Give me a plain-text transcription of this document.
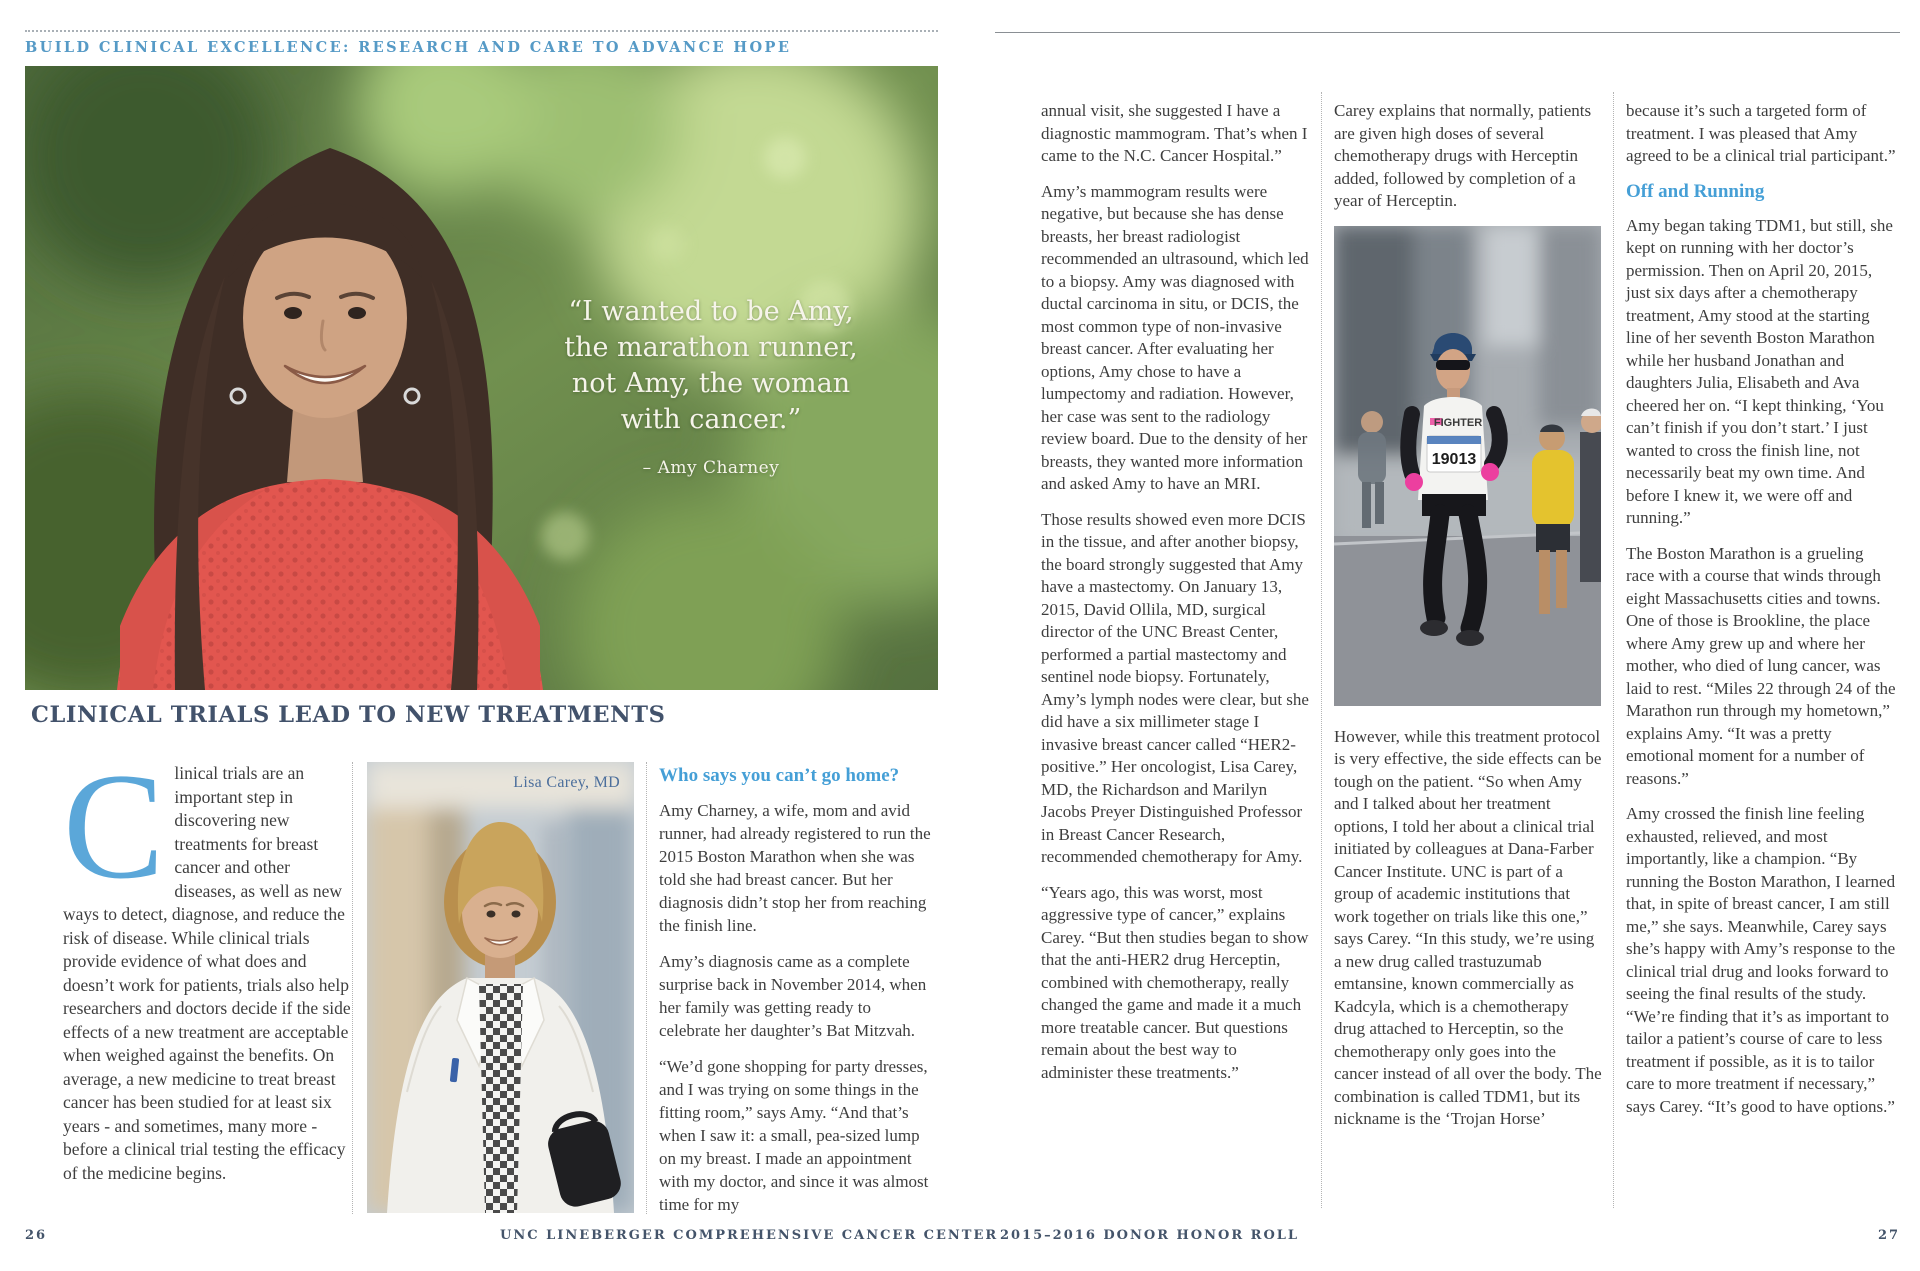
BUILD CLINICAL EXCELLENCE: RESEARCH AND CARE TO ADVANCE HOPE
“I wanted to be Amy,
the marathon runner,
not Amy, the woman
with cancer.”
– Amy Charney
CLINICAL TRIALS LEAD TO NEW TREATMENTS

Clinical trials are an important step in discovering new treatments for breast cancer and other diseases, as well as new ways to detect, diagnose, and reduce the risk of disease. While clinical trials provide evidence of what does and doesn’t work for patients, trials also help researchers and doctors decide if the side effects of a new treatment are acceptable when weighed against the benefits. On average, a new medicine to treat breast cancer has been studied for at least six years - and sometimes, many more - before a clinical trial testing the efficacy of the medicine begins.

Lisa Carey, MD Who says you can’t go home?

Amy Charney, a wife, mom and avid runner, had already registered to run the 2015 Boston Marathon when she was told she had breast cancer. But her diagnosis didn’t stop her from reaching the finish line.

Amy’s diagnosis came as a complete surprise back in November 2014, when her family was getting ready to celebrate her daughter’s Bat Mitzvah.

“We’d gone shopping for party dresses, and I was trying on some things in the fitting room,” says Amy. “And that’s when I saw it: a small, pea-sized lump on my breast. I made an appointment with my doctor, and since it was almost time for my

annual visit, she suggested I have a diagnostic mammogram. That’s when I came to the N.C. Cancer Hospital.”

Amy’s mammogram results were negative, but because she has dense breasts, her breast radiologist recommended an ultrasound, which led to a biopsy. Amy was diagnosed with ductal carcinoma in situ, or DCIS, the most common type of non-invasive breast cancer. After evaluating her options, Amy chose to have a lumpectomy and radiation. However, her case was sent to the radiology review board. Due to the density of her breasts, they wanted more information and asked Amy to have an MRI.

Those results showed even more DCIS in the tissue, and after another biopsy, the board strongly suggested that Amy have a mastectomy. On January 13, 2015, David Ollila, MD, surgical director of the UNC Breast Center, performed a partial mastectomy and sentinel node biopsy. Fortunately, Amy’s lymph nodes were clear, but she did have a six millimeter stage I invasive breast cancer called “HER2-positive.” Her oncologist, Lisa Carey, MD, the Richardson and Marilyn Jacobs Preyer Distinguished Professor in Breast Cancer Research, recommended chemotherapy for Amy.

“Years ago, this was worst, most aggressive type of cancer,” explains Carey. “But then studies began to show that the anti-HER2 drug Herceptin, combined with chemotherapy, really changed the game and made it a much more treatable cancer. But questions remain about the best way to administer these treatments.”

Carey explains that normally, patients are given high doses of several chemotherapy drugs with Herceptin added, followed by completion of a year of Herceptin.

FIGHTER
19013

However, while this treatment protocol is very effective, the side effects can be tough on the patient. “So when Amy and I talked about her treatment options, I told her about a clinical trial initiated by colleagues at Dana-Farber Cancer Institute. UNC is part of a group of academic institutions that work together on trials like this one,” says Carey. “In this study, we’re using a new drug called trastuzumab emtansine, known commercially as Kadcyla, which is a chemotherapy drug attached to Herceptin, so the chemotherapy only goes into the cancer instead of all over the body. The combination is called TDM1, but its nickname is the ‘Trojan Horse’

because it’s such a targeted form of treatment. I was pleased that Amy agreed to be a clinical trial participant.”

Off and Running

Amy began taking TDM1, but still, she kept on running with her doctor’s permission. Then on April 20, 2015, just six days after a chemotherapy treatment, Amy stood at the starting line of her seventh Boston Marathon while her husband Jonathan and daughters Julia, Elisabeth and Ava cheered her on. “I kept thinking, ‘You can’t finish if you don’t start.’ I just wanted to cross the finish line, not necessarily beat my own time. And before I knew it, we were off and running.”

The Boston Marathon is a grueling race with a course that winds through eight Massachusetts cities and towns. One of those is Brookline, the place where Amy grew up and where her mother, who died of lung cancer, was laid to rest. “Miles 22 through 24 of the Marathon run through my hometown,” explains Amy. “It was a pretty emotional moment for a number of reasons.”

Amy crossed the finish line feeling exhausted, relieved, and most importantly, like a champion. “By running the Boston Marathon, I learned that, in spite of breast cancer, I am still me,” she says. Meanwhile, Carey says she’s happy with Amy’s response to the clinical trial drug and looks forward to seeing the final results of the study. “We’re finding that it’s as important to tailor a patient’s course of care to less treatment if possible, as it is to tailor care to more treatment if necessary,” says Carey. “It’s good to have options.”

26	UNC LINEBERGER COMPREHENSIVE CANCER CENTER 2015–2016 DONOR HONOR ROLL	27
